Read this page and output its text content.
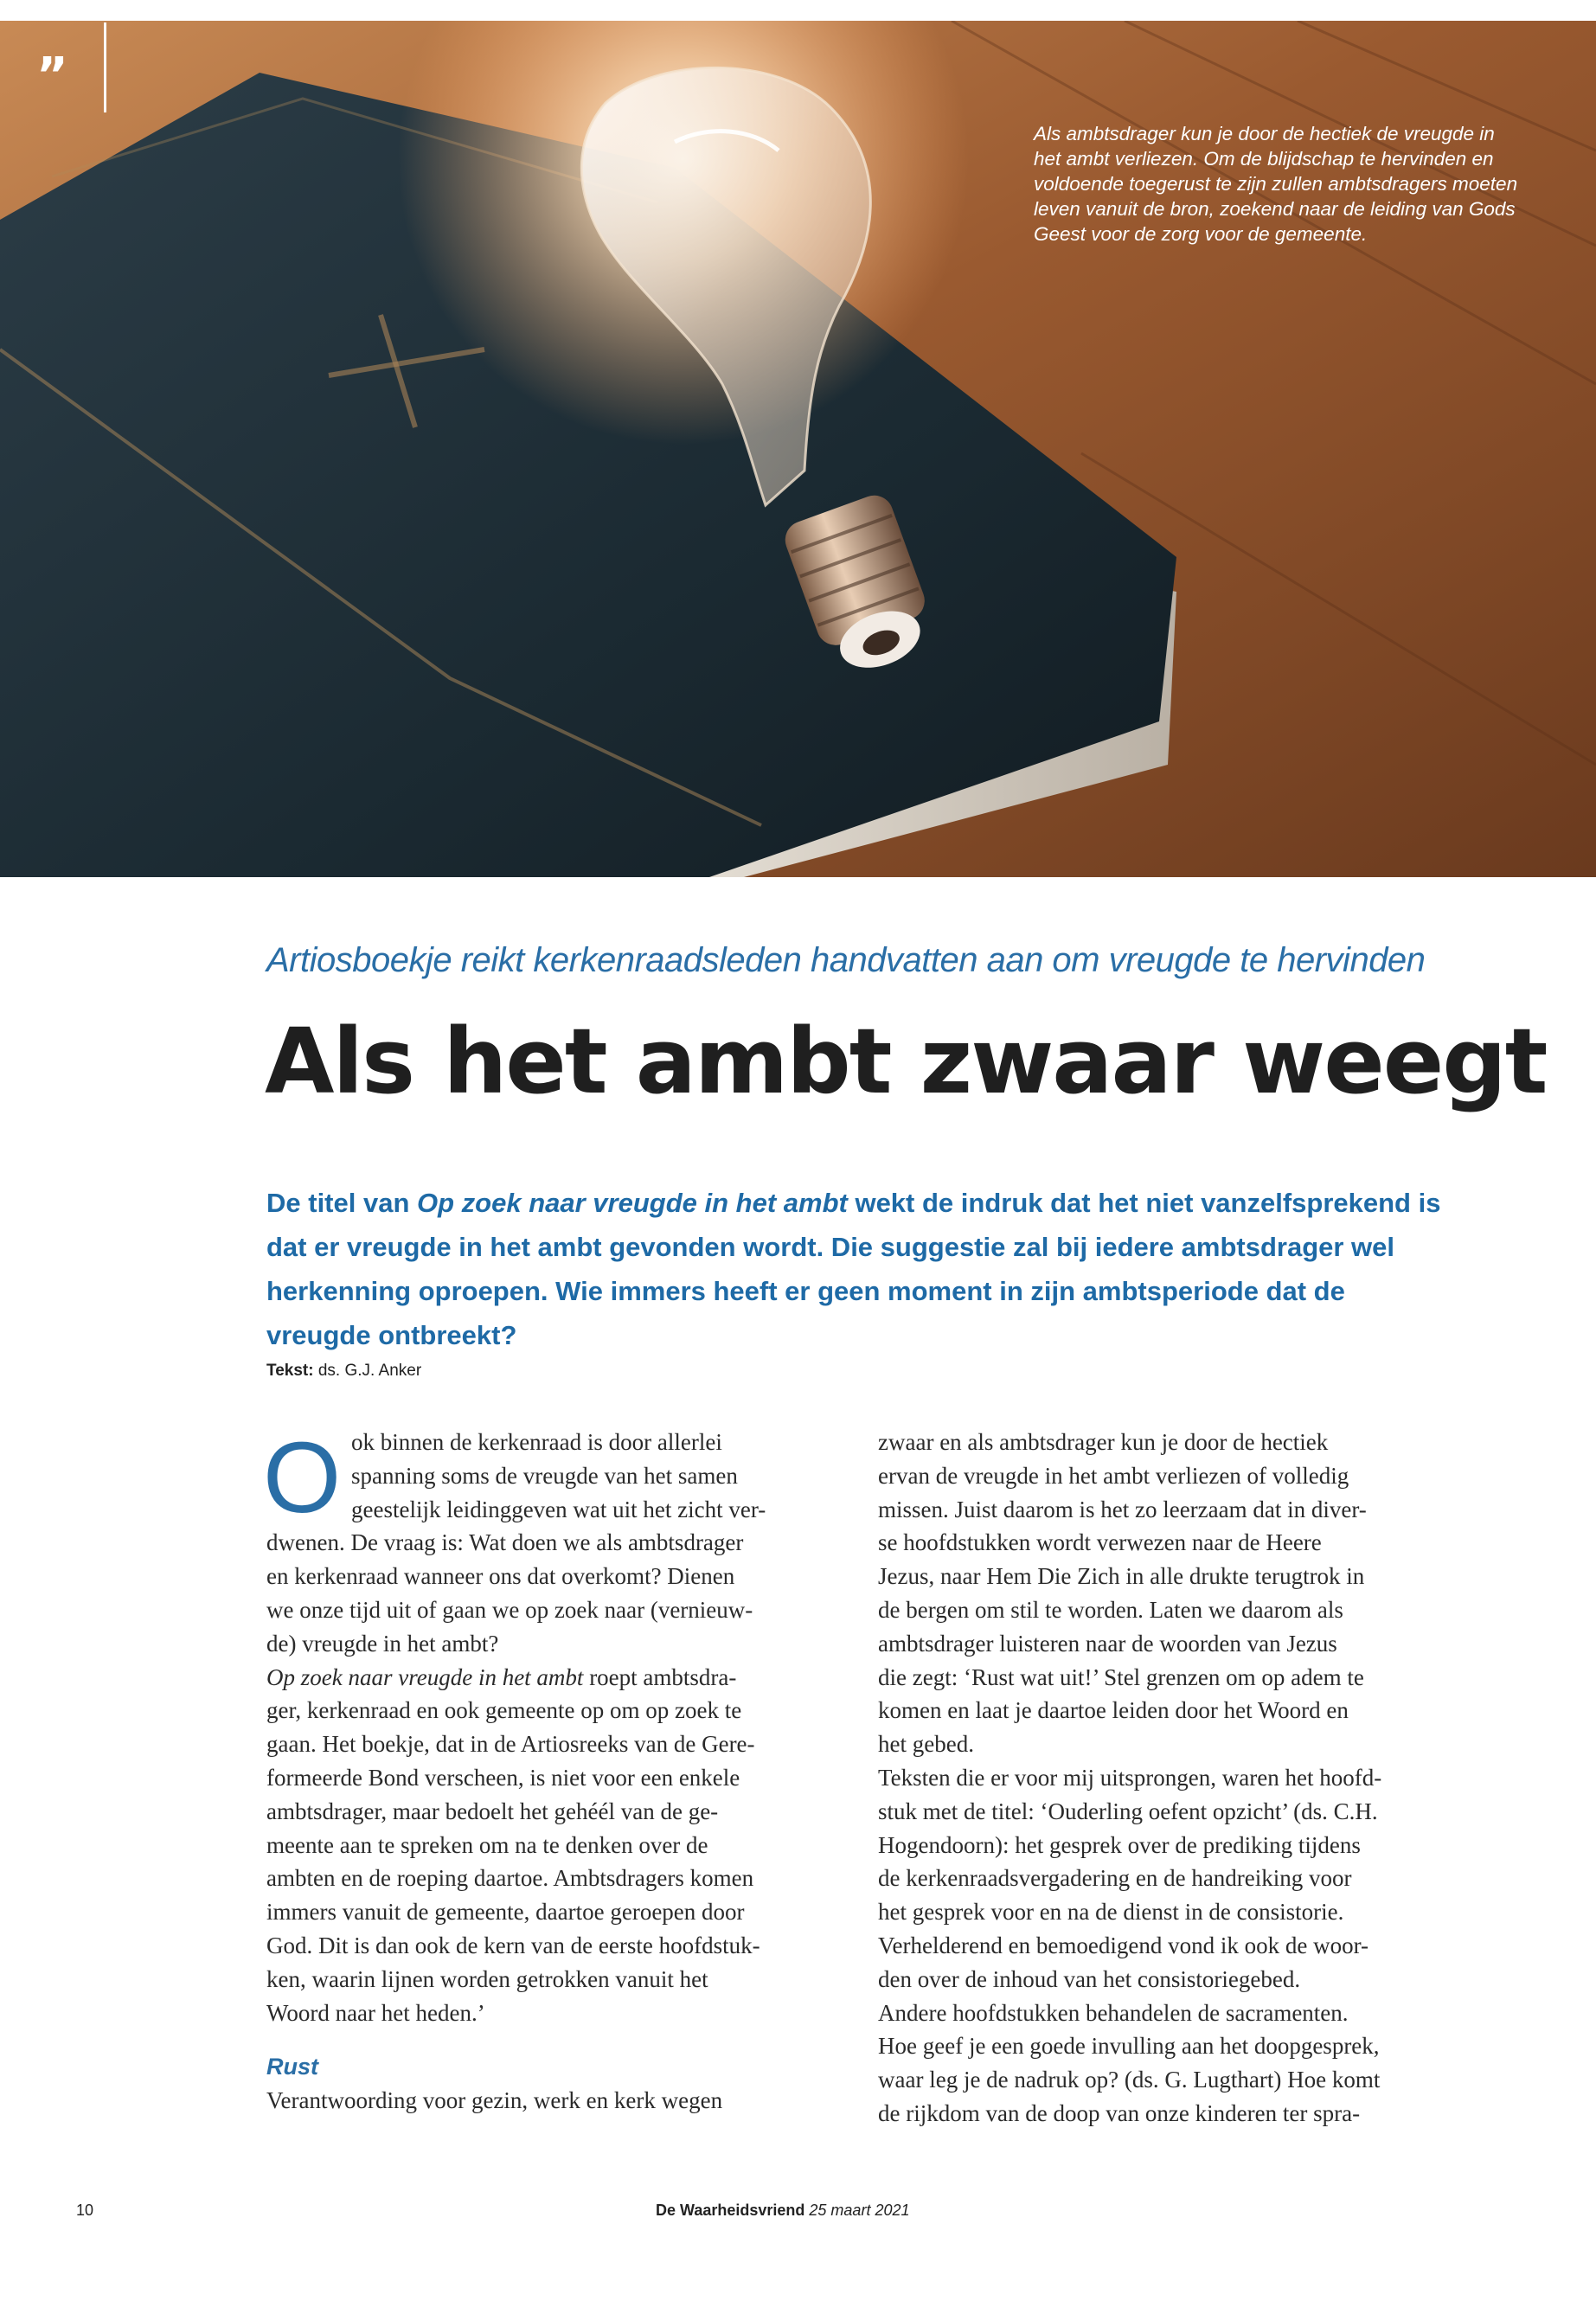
”
Als ambtsdrager kun je door de hectiek de vreugde in het ambt verliezen. Om de blijdschap te hervinden en voldoende toegerust te zijn zullen ambtsdragers moeten leven vanuit de bron, zoekend naar de leiding van Gods Geest voor de zorg voor de gemeente.
Artiosboekje reikt kerkenraadsleden handvatten aan om vreugde te hervinden
Als het ambt zwaar weegt
De titel van Op zoek naar vreugde in het ambt wekt de indruk dat het niet vanzelfsprekend is dat er vreugde in het ambt gevonden wordt. Die suggestie zal bij iedere ambtsdrager wel herkenning oproepen. Wie immers heeft er geen moment in zijn ambtsperiode dat de vreugde ontbreekt?
Tekst: ds. G.J. Anker
O ok binnen de kerkenraad is door allerlei
spanning soms de vreugde van het samen
geestelijk leidinggeven wat uit het zicht ver-
dwenen. De vraag is: Wat doen we als ambtsdrager
en kerkenraad wanneer ons dat overkomt? Dienen
we onze tijd uit of gaan we op zoek naar (vernieuw-
de) vreugde in het ambt?
Op zoek naar vreugde in het ambt roept ambtsdra-
ger, kerkenraad en ook gemeente op om op zoek te
gaan. Het boekje, dat in de Artiosreeks van de Gere-
formeerde Bond verscheen, is niet voor een enkele
ambtsdrager, maar bedoelt het gehéél van de ge-
meente aan te spreken om na te denken over de
ambten en de roeping daartoe. Ambtsdragers komen
immers vanuit de gemeente, daartoe geroepen door
God. Dit is dan ook de kern van de eerste hoofdstuk-
ken, waarin lijnen worden getrokken vanuit het
Woord naar het heden.’
Rust
Verantwoording voor gezin, werk en kerk wegen
zwaar en als ambtsdrager kun je door de hectiek
ervan de vreugde in het ambt verliezen of volledig
missen. Juist daarom is het zo leerzaam dat in diver-
se hoofdstukken wordt verwezen naar de Heere
Jezus, naar Hem Die Zich in alle drukte terugtrok in
de bergen om stil te worden. Laten we daarom als
ambtsdrager luisteren naar de woorden van Jezus
die zegt: ‘Rust wat uit!’ Stel grenzen om op adem te
komen en laat je daartoe leiden door het Woord en
het gebed.
Teksten die er voor mij uitsprongen, waren het hoofd-
stuk met de titel: ‘Ouderling oefent opzicht’ (ds. C.H.
Hogendoorn): het gesprek over de prediking tijdens
de kerkenraadsvergadering en de handreiking voor
het gesprek voor en na de dienst in de consistorie.
Verhelderend en bemoedigend vond ik ook de woor-
den over de inhoud van het consistoriegebed.
Andere hoofdstukken behandelen de sacramenten.
Hoe geef je een goede invulling aan het doopgesprek,
waar leg je de nadruk op? (ds. G. Lugthart) Hoe komt
de rijkdom van de doop van onze kinderen ter spra-
10	De Waarheidsvriend 25 maart 2021
